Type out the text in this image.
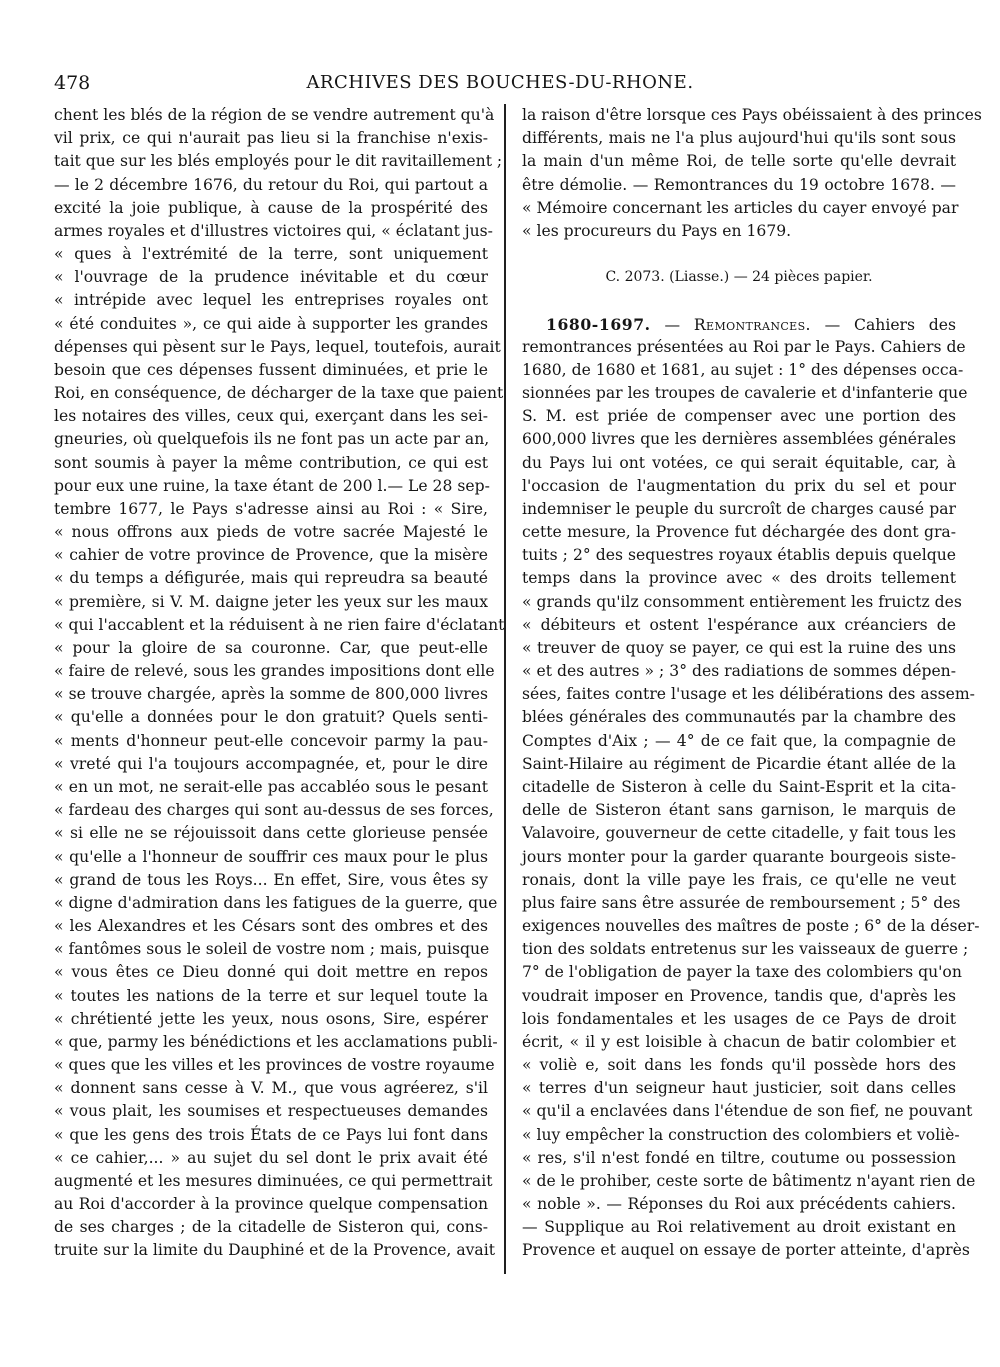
478	ARCHIVES DES BOUCHES-DU-RHONE.
chent les blés de la région de se vendre autrement qu'à
vil prix, ce qui n'aurait pas lieu si la franchise n'exis-
tait que sur les blés employés pour le dit ravitaillement ;
— le 2 décembre 1676, du retour du Roi, qui partout a
excité la joie publique, à cause de la prospérité des
armes royales et d'illustres victoires qui, « éclatant jus-
« ques à l'extrémité de la terre, sont uniquement
« l'ouvrage de la prudence inévitable et du cœur
« intrépide avec lequel les entreprises royales ont
« été conduites », ce qui aide à supporter les grandes
dépenses qui pèsent sur le Pays, lequel, toutefois, aurait
besoin que ces dépenses fussent diminuées, et prie le
Roi, en conséquence, de décharger de la taxe que paient
les notaires des villes, ceux qui, exerçant dans les sei-
gneuries, où quelquefois ils ne font pas un acte par an,
sont soumis à payer la même contribution, ce qui est
pour eux une ruine, la taxe étant de 200 l.— Le 28 sep-
tembre 1677, le Pays s'adresse ainsi au Roi : « Sire,
« nous offrons aux pieds de votre sacrée Majesté le
« cahier de votre province de Provence, que la misère
« du temps a défigurée, mais qui repreudra sa beauté
« première, si V. M. daigne jeter les yeux sur les maux
« qui l'accablent et la réduisent à ne rien faire d'éclatant
« pour la gloire de sa couronne. Car, que peut-elle
« faire de relevé, sous les grandes impositions dont elle
« se trouve chargée, après la somme de 800,000 livres
« qu'elle a données pour le don gratuit? Quels senti-
« ments d'honneur peut-elle concevoir parmy la pau-
« vreté qui l'a toujours accompagnée, et, pour le dire
« en un mot, ne serait-elle pas accabléo sous le pesant
« fardeau des charges qui sont au-dessus de ses forces,
« si elle ne se réjouissoit dans cette glorieuse pensée
« qu'elle a l'honneur de souffrir ces maux pour le plus
« grand de tous les Roys... En effet, Sire, vous êtes sy
« digne d'admiration dans les fatigues de la guerre, que
« les Alexandres et les Césars sont des ombres et des
« fantômes sous le soleil de vostre nom ; mais, puisque
« vous êtes ce Dieu donné qui doit mettre en repos
« toutes les nations de la terre et sur lequel toute la
« chrétienté jette les yeux, nous osons, Sire, espérer
« que, parmy les bénédictions et les acclamations publi-
« ques que les villes et les provinces de vostre royaume
« donnent sans cesse à V. M., que vous agréerez, s'il
« vous plait, les soumises et respectueuses demandes
« que les gens des trois États de ce Pays lui font dans
« ce cahier,... » au sujet du sel dont le prix avait été
augmenté et les mesures diminuées, ce qui permettrait
au Roi d'accorder à la province quelque compensation
de ses charges ; de la citadelle de Sisteron qui, cons-
truite sur la limite du Dauphiné et de la Provence, avait
la raison d'être lorsque ces Pays obéissaient à des princes
différents, mais ne l'a plus aujourd'hui qu'ils sont sous
la main d'un même Roi, de telle sorte qu'elle devrait
être démolie. — Remontrances du 19 octobre 1678. —
« Mémoire concernant les articles du cayer envoyé par
« les procureurs du Pays en 1679.
C. 2073. (Liasse.) — 24 pièces papier.
1680-1697. — Remontrances. — Cahiers des
remontrances présentées au Roi par le Pays. Cahiers de
1680, de 1680 et 1681, au sujet : 1° des dépenses occa-
sionnées par les troupes de cavalerie et d'infanterie que
S. M. est priée de compenser avec une portion des
600,000 livres que les dernières assemblées générales
du Pays lui ont votées, ce qui serait équitable, car, à
l'occasion de l'augmentation du prix du sel et pour
indemniser le peuple du surcroît de charges causé par
cette mesure, la Provence fut déchargée des dont gra-
tuits ; 2° des sequestres royaux établis depuis quelque
temps dans la province avec « des droits tellement
« grands qu'ilz consomment entièrement les fruictz des
« débiteurs et ostent l'espérance aux créanciers de
« treuver de quoy se payer, ce qui est la ruine des uns
« et des autres » ; 3° des radiations de sommes dépen-
sées, faites contre l'usage et les délibérations des assem-
blées générales des communautés par la chambre des
Comptes d'Aix ; — 4° de ce fait que, la compagnie de
Saint-Hilaire au régiment de Picardie étant allée de la
citadelle de Sisteron à celle du Saint-Esprit et la cita-
delle de Sisteron étant sans garnison, le marquis de
Valavoire, gouverneur de cette citadelle, y fait tous les
jours monter pour la garder quarante bourgeois siste-
ronais, dont la ville paye les frais, ce qu'elle ne veut
plus faire sans être assurée de remboursement ; 5° des
exigences nouvelles des maîtres de poste ; 6° de la déser-
tion des soldats entretenus sur les vaisseaux de guerre ;
7° de l'obligation de payer la taxe des colombiers qu'on
voudrait imposer en Provence, tandis que, d'après les
lois fondamentales et les usages de ce Pays de droit
écrit, « il y est loisible à chacun de batir colombier et
« voliè e, soit dans les fonds qu'il possède hors des
« terres d'un seigneur haut justicier, soit dans celles
« qu'il a enclavées dans l'étendue de son fief, ne pouvant
« luy empêcher la construction des colombiers et voliè-
« res, s'il n'est fondé en tiltre, coutume ou possession
« de le prohiber, ceste sorte de bâtimentz n'ayant rien de
« noble ». — Réponses du Roi aux précédents cahiers.
— Supplique au Roi relativement au droit existant en
Provence et auquel on essaye de porter atteinte, d'après
